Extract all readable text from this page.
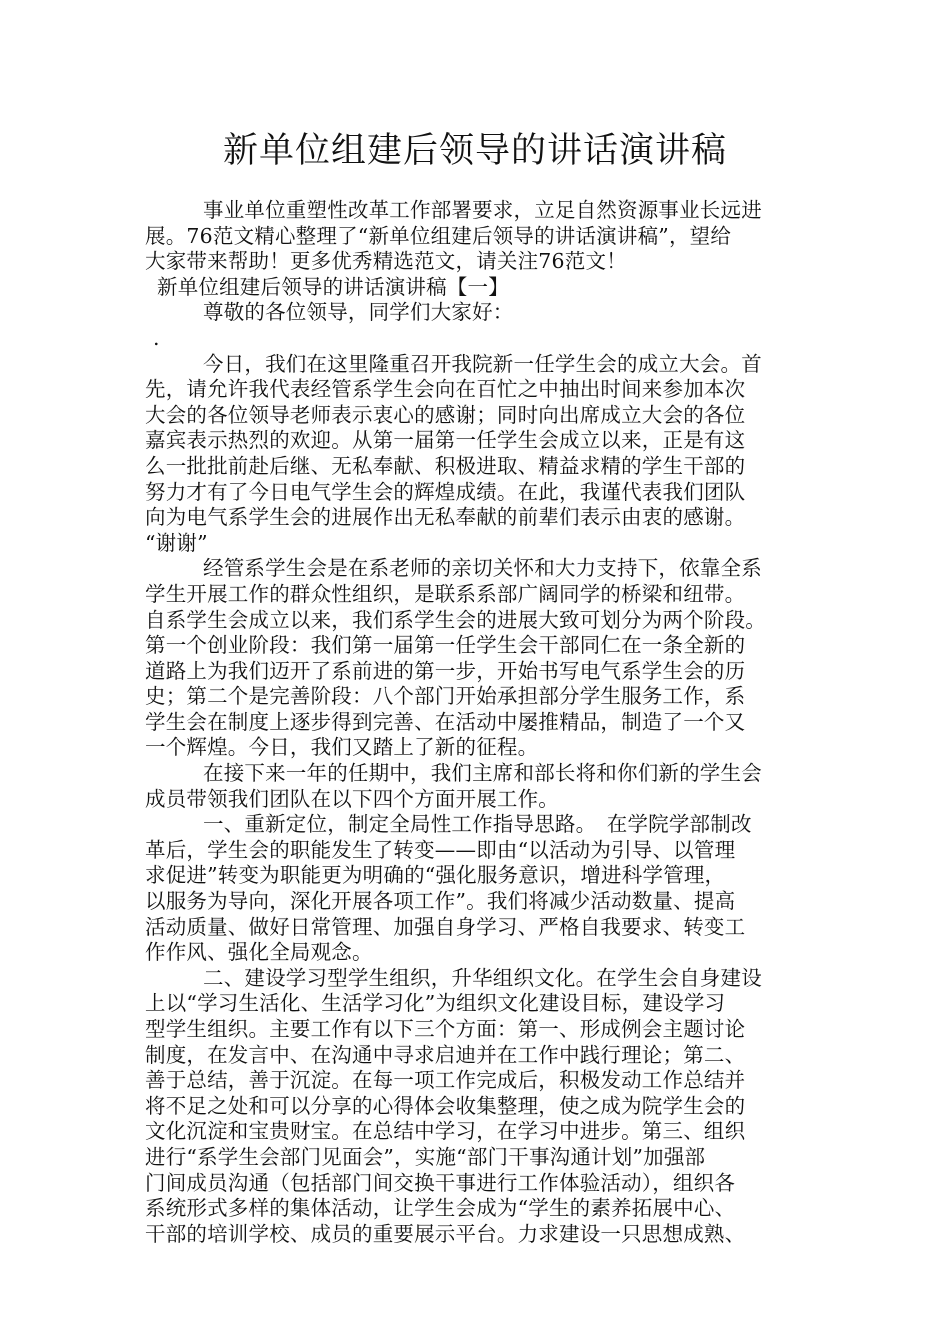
新单位组建后领导的讲话演讲稿
事业单位重塑性改革工作部署要求，立足自然资源事业长远进
展。76范文精心整理了“新单位组建后领导的讲话演讲稿”，望给
大家带来帮助！更多优秀精选范文，请关注76范文！
新单位组建后领导的讲话演讲稿【一】
尊敬的各位领导，同学们大家好：
.
今日，我们在这里隆重召开我院新一任学生会的成立大会。首
先，请允许我代表经管系学生会向在百忙之中抽出时间来参加本次
大会的各位领导老师表示衷心的感谢；同时向出席成立大会的各位
嘉宾表示热烈的欢迎。从第一届第一任学生会成立以来，正是有这
么一批批前赴后继、无私奉献、积极进取、精益求精的学生干部的
努力才有了今日电气学生会的辉煌成绩。在此，我谨代表我们团队
向为电气系学生会的进展作出无私奉献的前辈们表示由衷的感谢。
“谢谢”
经管系学生会是在系老师的亲切关怀和大力支持下，依靠全系
学生开展工作的群众性组织，是联系系部广阔同学的桥梁和纽带。
自系学生会成立以来，我们系学生会的进展大致可划分为两个阶段。
第一个创业阶段：我们第一届第一任学生会干部同仁在一条全新的
道路上为我们迈开了系前进的第一步，开始书写电气系学生会的历
史；第二个是完善阶段：八个部门开始承担部分学生服务工作，系
学生会在制度上逐步得到完善、在活动中屡推精品，制造了一个又
一个辉煌。今日，我们又踏上了新的征程。
在接下来一年的任期中，我们主席和部长将和你们新的学生会
成员带领我们团队在以下四个方面开展工作。
一、重新定位，制定全局性工作指导思路。　在学院学部制改
革后，学生会的职能发生了转变——即由“以活动为引导、以管理
求促进”转变为职能更为明确的“强化服务意识，增进科学管理，
以服务为导向，深化开展各项工作”。我们将减少活动数量、提高
活动质量、做好日常管理、加强自身学习、严格自我要求、转变工
作作风、强化全局观念。
二、建设学习型学生组织，升华组织文化。在学生会自身建设
上以“学习生活化、生活学习化”为组织文化建设目标，建设学习
型学生组织。主要工作有以下三个方面：第一、形成例会主题讨论
制度，在发言中、在沟通中寻求启迪并在工作中践行理论；第二、
善于总结，善于沉淀。在每一项工作完成后，积极发动工作总结并
将不足之处和可以分享的心得体会收集整理，使之成为院学生会的
文化沉淀和宝贵财宝。在总结中学习，在学习中进步。第三、组织
进行“系学生会部门见面会”，实施“部门干事沟通计划”加强部
门间成员沟通（包括部门间交换干事进行工作体验活动），组织各
系统形式多样的集体活动，让学生会成为“学生的素养拓展中心、
干部的培训学校、成员的重要展示平台。力求建设一只思想成熟、
